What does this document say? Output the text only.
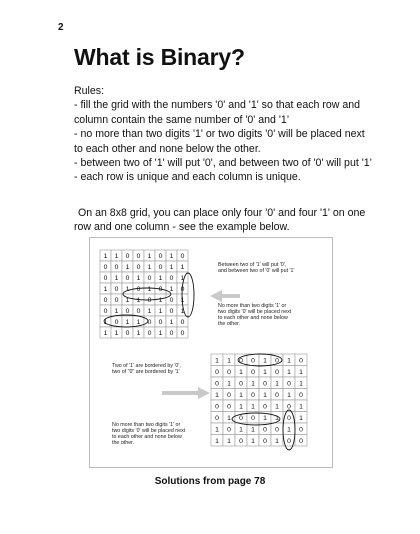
2
What is Binary?

Rules:

- fill the grid with the numbers '0' and '1' so that each row and column contain the same number of '0' and '1’

- no more than two digits '1' or two digits '0' will be placed next to each other and none below the other.

- between two of '1' will put '0', and between two of '0' will put '1’

- each row is unique and each column is unique.

On an 8x8 grid, you can place only four '0' and four '1' on one row and one column - see the example below.
1 1 0 0 1 0 1 0
0 0 1 0 1 0 1 1
0 1 0 1 0 1 0 1
1 0 1 0 1 0 1 0
0 0 1 1 0 1 0 1
0 1 0 0 1 1 0 1
1 0 1 1 0 0 1 0
1 1 0 1 0 1 0 0
1 1 0 0 1 0 1 0
0 0 1 0 1 0 1 1
0 1 0 1 0 1 0 1
1 0 1 0 1 0 1 0
0 0 1 1 0 1 0 1
0 1 0 0 1 1 0 1
1 0 1 1 0 0 1 0
1 1 0 1 0 1 0 0
Between two of '1' will put '0', and between two of '0' will put '1'
No more than two digits '1' or two digits '0' will be placed next to each other and none below the other.
Two of '1' are bordered by '0', two of "0" are bordered by '1'
No more than two digits '1' or two digits '0' will be placed next to each other and none below the other.
Solutions from page 78
